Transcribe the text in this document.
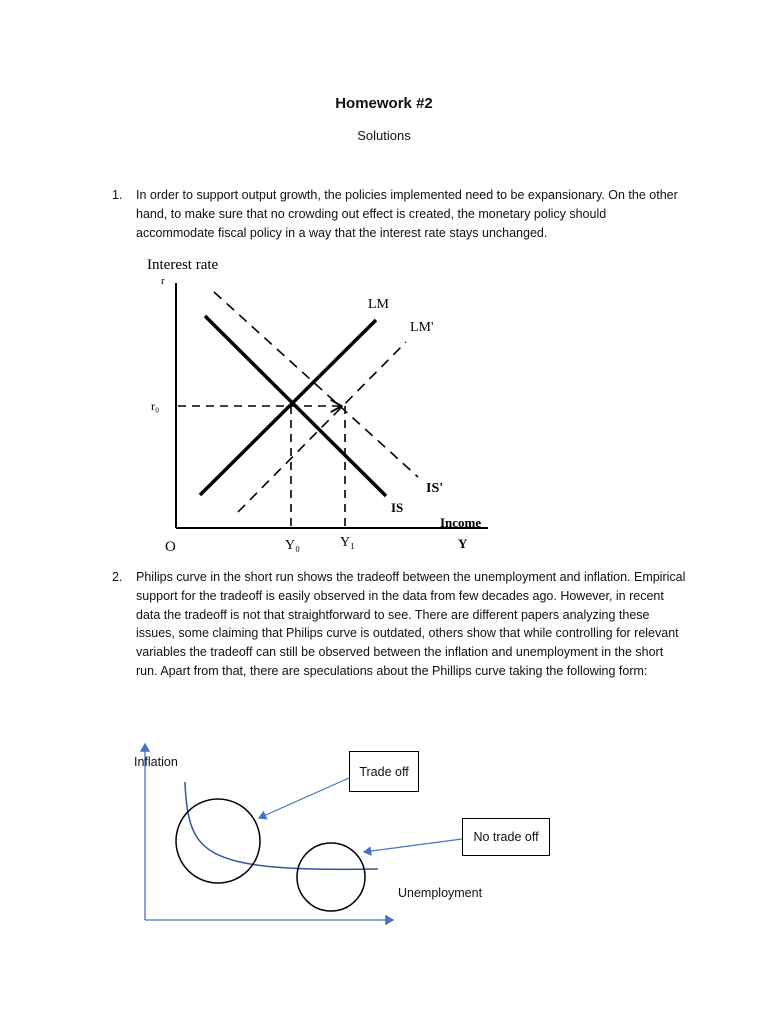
Homework #2
Solutions
1. In order to support output growth, the policies implemented need to be expansionary. On the other hand, to make sure that no crowding out effect is created, the monetary policy should accommodate fiscal policy in a way that the interest rate stays unchanged.
Interest rate
r
r₀
O	Y₀	Y₁
Income
Y
LM
LM'
IS
IS'
2. Philips curve in the short run shows the tradeoff between the unemployment and inflation. Empirical support for the tradeoff is easily observed in the data from few decades ago. However, in recent data the tradeoff is not that straightforward to see. There are different papers analyzing these issues, some claiming that Philips curve is outdated, others show that while controlling for relevant variables the tradeoff can still be observed between the inflation and unemployment in the short run. Apart from that, there are speculations about the Phillips curve taking the following form:
Inflation
Unemployment
Trade off
No trade off
